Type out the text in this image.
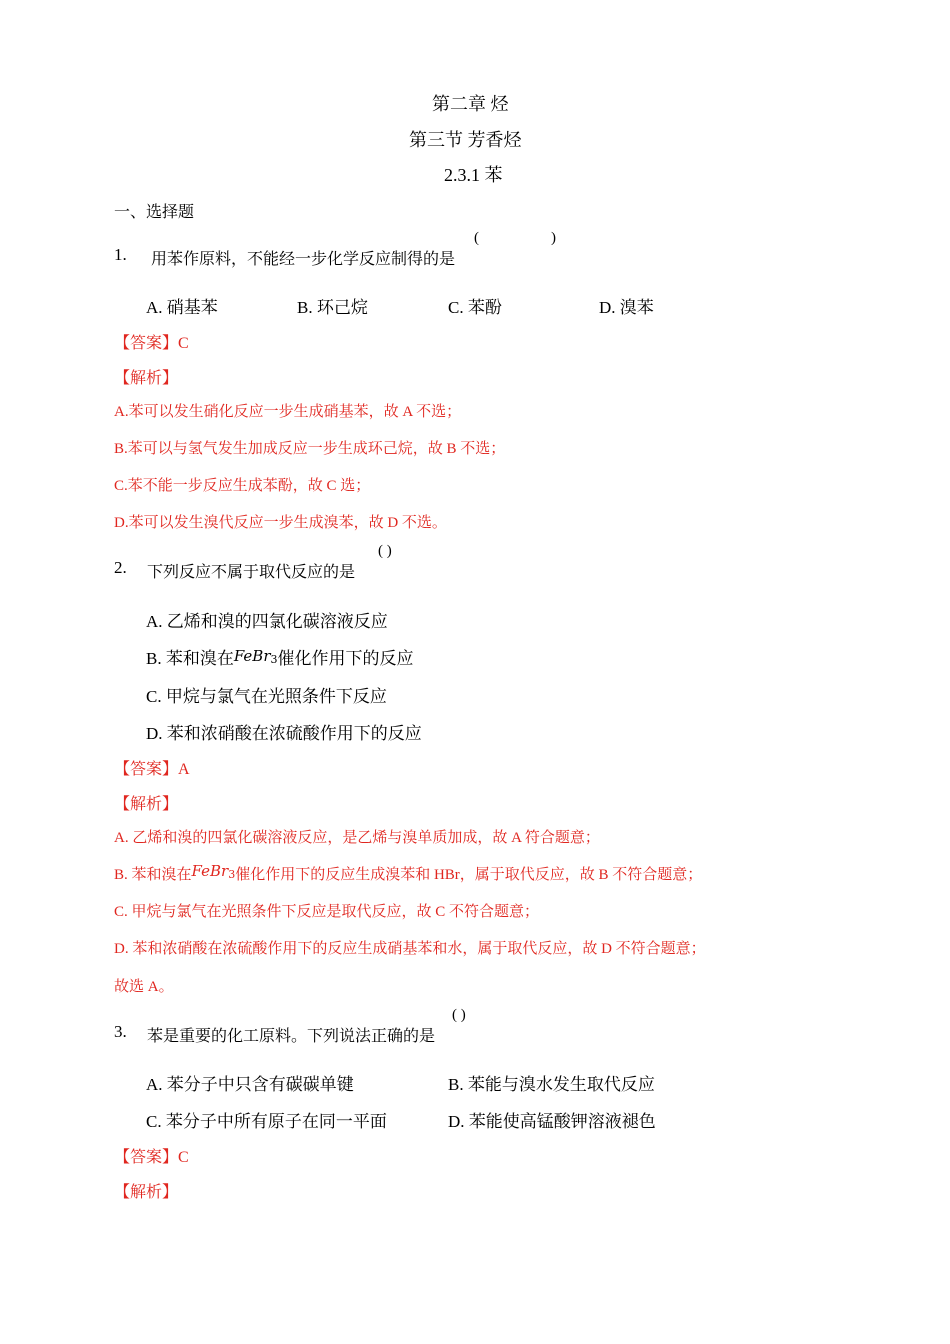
第二章 烃
第三节 芳香烃
2.3.1 苯
一、选择题
1. 用苯作原料，不能经一步化学反应制得的是
(	)
A. 硝基苯	B. 环己烷	C. 苯酚	D. 溴苯
【答案】C
【解析】
A.苯可以发生硝化反应一步生成硝基苯，故 A 不选；
B.苯可以与氢气发生加成反应一步生成环己烷，故 B 不选；
C.苯不能一步反应生成苯酚，故 C 选；
D.苯可以发生溴代反应一步生成溴苯，故 D 不选。
2. 下列反应不属于取代反应的是
( )
A. 乙烯和溴的四氯化碳溶液反应
B. 苯和溴在FeBr$_3$催化作用下的反应
C. 甲烷与氯气在光照条件下反应
D. 苯和浓硝酸在浓硫酸作用下的反应
【答案】A
【解析】
A. 乙烯和溴的四氯化碳溶液反应，是乙烯与溴单质加成，故 A 符合题意；
B. 苯和溴在FeBr$_3$催化作用下的反应生成溴苯和 HBr，属于取代反应，故 B 不符合题意；
C. 甲烷与氯气在光照条件下反应是取代反应，故 C 不符合题意；
D. 苯和浓硝酸在浓硫酸作用下的反应生成硝基苯和水，属于取代反应，故 D 不符合题意；
故选 A。
3. 苯是重要的化工原料。下列说法正确的是
( )
A. 苯分子中只含有碳碳单键	B. 苯能与溴水发生取代反应
C. 苯分子中所有原子在同一平面	D. 苯能使高锰酸钾溶液褪色
【答案】C
【解析】
